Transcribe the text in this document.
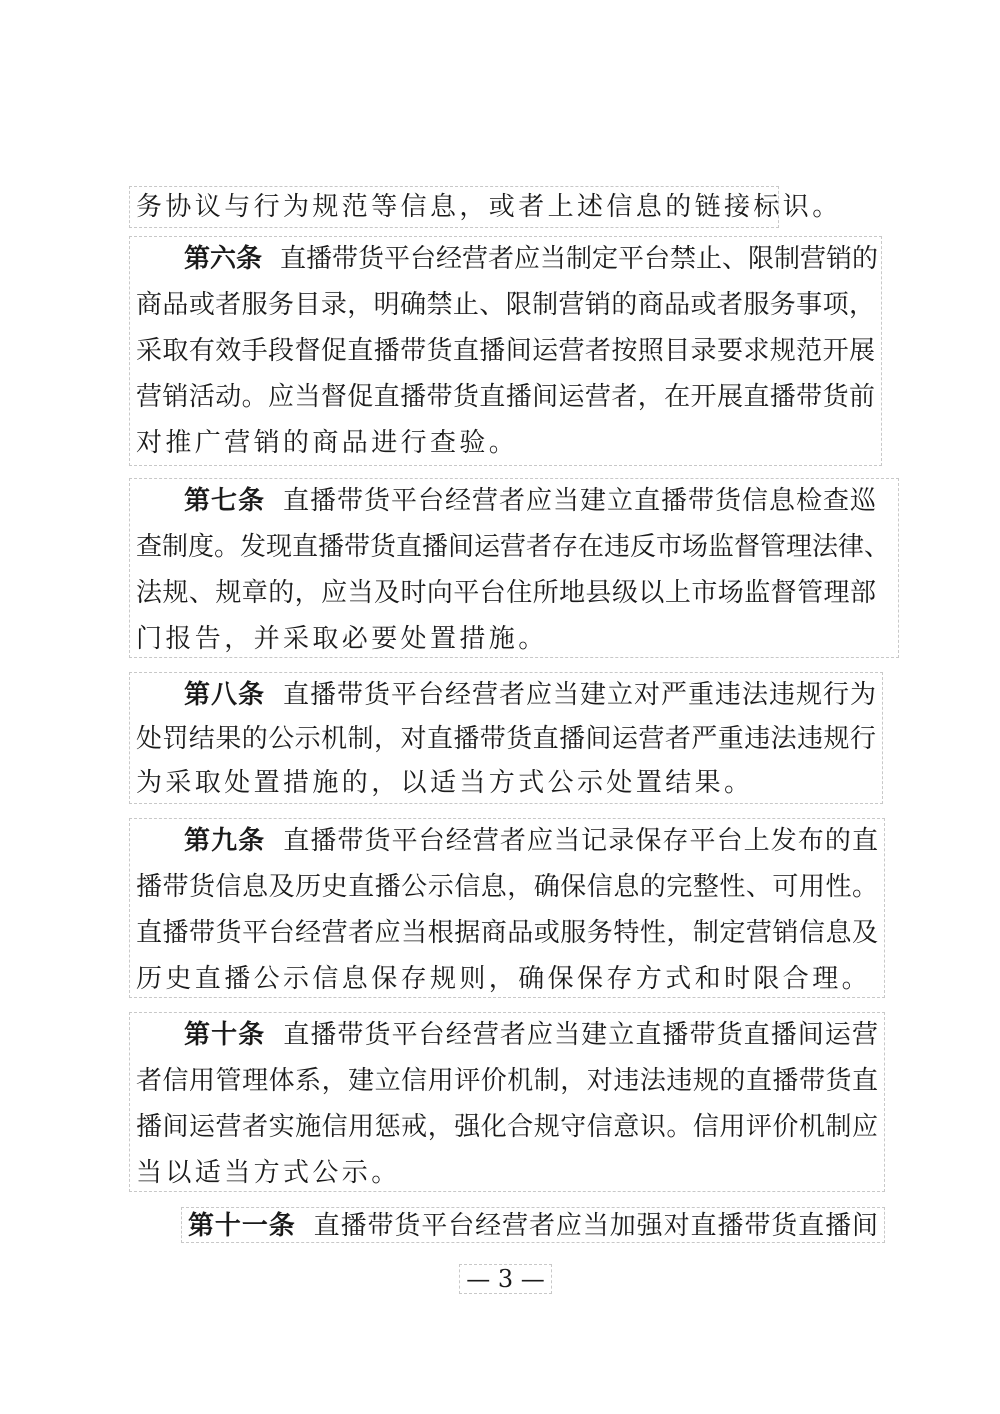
务协议与行为规范等信息，或者上述信息的链接标识。
第六条 直播带货平台经营者应当制定平台禁止、限制营销的
商品或者服务目录，明确禁止、限制营销的商品或者服务事项，
采取有效手段督促直播带货直播间运营者按照目录要求规范开展
营销活动。应当督促直播带货直播间运营者，在开展直播带货前
对推广营销的商品进行查验。
第七条 直播带货平台经营者应当建立直播带货信息检查巡
查制度。发现直播带货直播间运营者存在违反市场监督管理法律、
法规、规章的，应当及时向平台住所地县级以上市场监督管理部
门报告，并采取必要处置措施。
第八条 直播带货平台经营者应当建立对严重违法违规行为
处罚结果的公示机制，对直播带货直播间运营者严重违法违规行
为采取处置措施的，以适当方式公示处置结果。
第九条 直播带货平台经营者应当记录保存平台上发布的直
播带货信息及历史直播公示信息，确保信息的完整性、可用性。
直播带货平台经营者应当根据商品或服务特性，制定营销信息及
历史直播公示信息保存规则，确保保存方式和时限合理。
第十条 直播带货平台经营者应当建立直播带货直播间运营
者信用管理体系，建立信用评价机制，对违法违规的直播带货直
播间运营者实施信用惩戒，强化合规守信意识。信用评价机制应
当以适当方式公示。
第十一条 直播带货平台经营者应当加强对直播带货直播间
— 3 —
